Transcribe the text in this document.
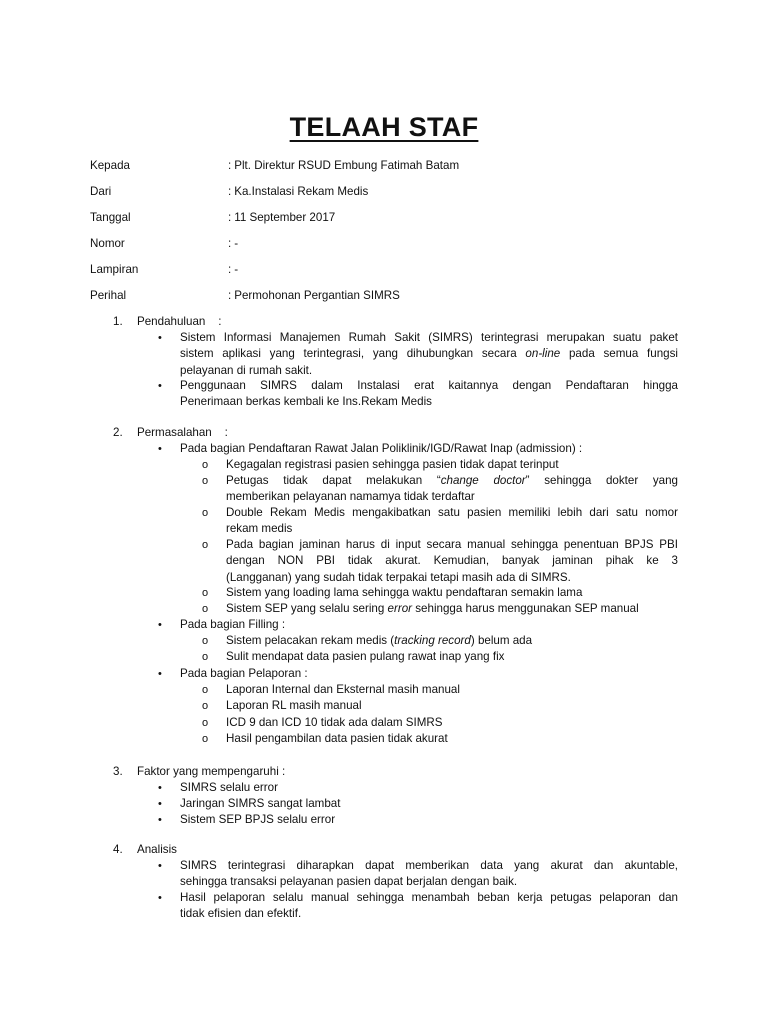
TELAAH STAF
Kepada	: Plt. Direktur RSUD Embung Fatimah Batam
Dari	: Ka.Instalasi Rekam Medis
Tanggal	: 11 September 2017
Nomor	: -
Lampiran	: -
Perihal	: Permohonan Pergantian SIMRS
1. Pendahuluan    :
• Sistem Informasi Manajemen Rumah Sakit (SIMRS) terintegrasi merupakan suatu paket
sistem aplikasi yang terintegrasi, yang dihubungkan secara on-line pada semua fungsi
pelayanan di rumah sakit.
• Penggunaan SIMRS dalam Instalasi erat kaitannya dengan Pendaftaran hingga
Penerimaan berkas kembali ke Ins.Rekam Medis
2. Permasalahan    :
• Pada bagian Pendaftaran Rawat Jalan Poliklinik/IGD/Rawat Inap (admission) :
o Kegagalan registrasi pasien sehingga pasien tidak dapat terinput
o Petugas tidak dapat melakukan “change doctor” sehingga dokter yang
memberikan pelayanan namamya tidak terdaftar
o Double Rekam Medis mengakibatkan satu pasien memiliki lebih dari satu nomor
rekam medis
o Pada bagian jaminan harus di input secara manual sehingga penentuan BPJS PBI
dengan NON PBI tidak akurat. Kemudian, banyak jaminan pihak ke 3
(Langganan) yang sudah tidak terpakai tetapi masih ada di SIMRS.
o Sistem yang loading lama sehingga waktu pendaftaran semakin lama
o Sistem SEP yang selalu sering error sehingga harus menggunakan SEP manual
• Pada bagian Filling :
o Sistem pelacakan rekam medis (tracking record) belum ada
o Sulit mendapat data pasien pulang rawat inap yang fix
• Pada bagian Pelaporan :
o Laporan Internal dan Eksternal masih manual
o Laporan RL masih manual
o ICD 9 dan ICD 10 tidak ada dalam SIMRS
o Hasil pengambilan data pasien tidak akurat
3. Faktor yang mempengaruhi :
• SIMRS selalu error
• Jaringan SIMRS sangat lambat
• Sistem SEP BPJS selalu error
4. Analisis
• SIMRS terintegrasi diharapkan dapat memberikan data yang akurat dan akuntable,
sehingga transaksi pelayanan pasien dapat berjalan dengan baik.
• Hasil pelaporan selalu manual sehingga menambah beban kerja petugas pelaporan dan
tidak efisien dan efektif.
